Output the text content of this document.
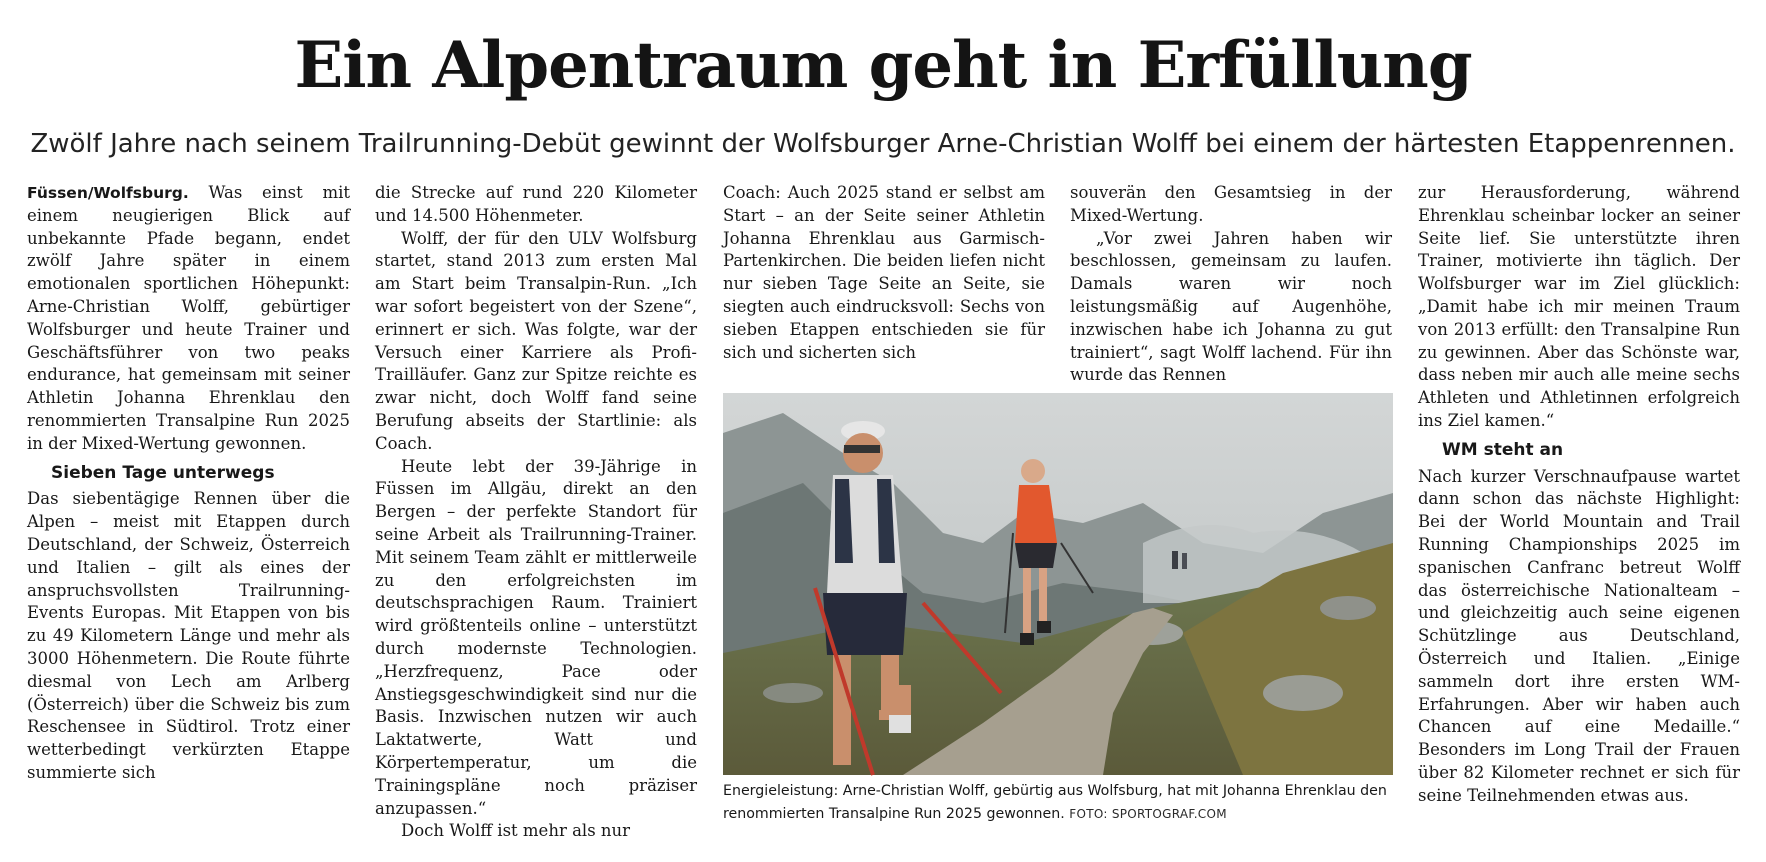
Ein Alpentraum geht in Erfüllung

Zwölf Jahre nach seinem Trailrunning-Debüt gewinnt der Wolfsburger Arne-Christian Wolff bei einem der härtesten Etappenrennen.

Füssen/Wolfsburg. Was einst mit einem neugierigen Blick auf unbekannte Pfade begann, endet zwölf Jahre später in einem emotionalen sportlichen Höhepunkt: Arne-Christian Wolff, gebürtiger Wolfsburger und heute Trainer und Geschäftsführer von two peaks endurance, hat gemeinsam mit seiner Athletin Johanna Ehrenklau den renommierten Transalpine Run 2025 in der Mixed-Wertung gewonnen.

Sieben Tage unterwegs

Das siebentägige Rennen über die Alpen – meist mit Etappen durch Deutschland, der Schweiz, Österreich und Italien – gilt als eines der anspruchsvollsten Trailrunning-Events Europas. Mit Etappen von bis zu 49 Kilometern Länge und mehr als 3000 Höhenmetern. Die Route führte diesmal von Lech am Arlberg (Österreich) über die Schweiz bis zum Reschensee in Südtirol. Trotz einer wetterbedingt verkürzten Etappe summierte sich

die Strecke auf rund 220 Kilometer und 14.500 Höhenmeter.

Wolff, der für den ULV Wolfsburg startet, stand 2013 zum ersten Mal am Start beim Transalpin-Run. „Ich war sofort begeistert von der Szene“, erinnert er sich. Was folgte, war der Versuch einer Karriere als Profi-Trailläufer. Ganz zur Spitze reichte es zwar nicht, doch Wolff fand seine Berufung abseits der Startlinie: als Coach.

Heute lebt der 39-Jährige in Füssen im Allgäu, direkt an den Bergen – der perfekte Standort für seine Arbeit als Trailrunning-Trainer. Mit seinem Team zählt er mittlerweile zu den erfolgreichsten im deutschsprachigen Raum. Trainiert wird größtenteils online – unterstützt durch modernste Technologien. „Herzfrequenz, Pace oder Anstiegsgeschwindigkeit sind nur die Basis. Inzwischen nutzen wir auch Laktatwerte, Watt und Körpertemperatur, um die Trainingspläne noch präziser anzupassen.“

Doch Wolff ist mehr als nur

Coach: Auch 2025 stand er selbst am Start – an der Seite seiner Athletin Johanna Ehrenklau aus Garmisch-Partenkirchen. Die beiden liefen nicht nur sieben Tage Seite an Seite, sie siegten auch eindrucksvoll: Sechs von sieben Etappen entschieden sie für sich und sicherten sich

souverän den Gesamtsieg in der Mixed-Wertung.

„Vor zwei Jahren haben wir beschlossen, gemeinsam zu laufen. Damals waren wir noch leistungsmäßig auf Augenhöhe, inzwischen habe ich Johanna zu gut trainiert“, sagt Wolff lachend. Für ihn wurde das Rennen

zur Herausforderung, während Ehrenklau scheinbar locker an seiner Seite lief. Sie unterstützte ihren Trainer, motivierte ihn täglich. Der Wolfsburger war im Ziel glücklich: „Damit habe ich mir meinen Traum von 2013 erfüllt: den Transalpine Run zu gewinnen. Aber das Schönste war, dass neben mir auch alle meine sechs Athleten und Athletinnen erfolgreich ins Ziel kamen.“

WM steht an

Nach kurzer Verschnaufpause wartet dann schon das nächste Highlight: Bei der World Mountain and Trail Running Championships 2025 im spanischen Canfranc betreut Wolff das österreichische Nationalteam – und gleichzeitig auch seine eigenen Schützlinge aus Deutschland, Österreich und Italien. „Einige sammeln dort ihre ersten WM-Erfahrungen. Aber wir haben auch Chancen auf eine Medaille.“ Besonders im Long Trail der Frauen über 82 Kilometer rechnet er sich für seine Teilnehmenden etwas aus.

Energieleistung: Arne-Christian Wolff, gebürtig aus Wolfsburg, hat mit Johanna Ehrenklau den renommierten Transalpine Run 2025 gewonnen. FOTO: SPORTOGRAF.COM
